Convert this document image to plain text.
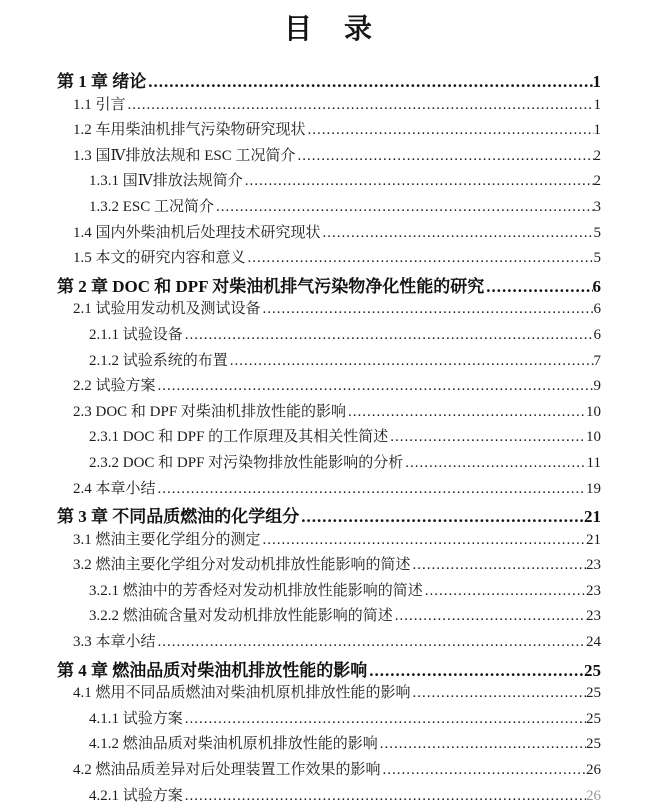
目　录
第 1 章 绪论 .....	1
1.1 引言 .....	1
1.2 车用柴油机排气污染物研究现状 .....	1
1.3 国Ⅳ排放法规和 ESC 工况简介 .....	2
1.3.1 国Ⅳ排放法规简介 .....	2
1.3.2 ESC 工况简介 .....	3
1.4 国内外柴油机后处理技术研究现状 .....	5
1.5 本文的研究内容和意义 .....	5
第 2 章 DOC 和 DPF 对柴油机排气污染物净化性能的研究 .....	6
2.1 试验用发动机及测试设备 .....	6
2.1.1 试验设备 .....	6
2.1.2 试验系统的布置 .....	7
2.2 试验方案 .....	9
2.3 DOC 和 DPF 对柴油机排放性能的影响 .....	10
2.3.1 DOC 和 DPF 的工作原理及其相关性简述 .....	10
2.3.2 DOC 和 DPF 对污染物排放性能影响的分析 .....	11
2.4 本章小结 .....	19
第 3 章 不同品质燃油的化学组分 .....	21
3.1 燃油主要化学组分的测定 .....	21
3.2 燃油主要化学组分对发动机排放性能影响的简述 .....	23
3.2.1 燃油中的芳香烃对发动机排放性能影响的简述 .....	23
3.2.2 燃油硫含量对发动机排放性能影响的简述 .....	23
3.3 本章小结 .....	24
第 4 章 燃油品质对柴油机排放性能的影响 .....	25
4.1 燃用不同品质燃油对柴油机原机排放性能的影响 .....	25
4.1.1 试验方案 .....	25
4.1.2 燃油品质对柴油机原机排放性能的影响 .....	25
4.2 燃油品质差异对后处理装置工作效果的影响 .....	26
4.2.1 试验方案 .....	26
